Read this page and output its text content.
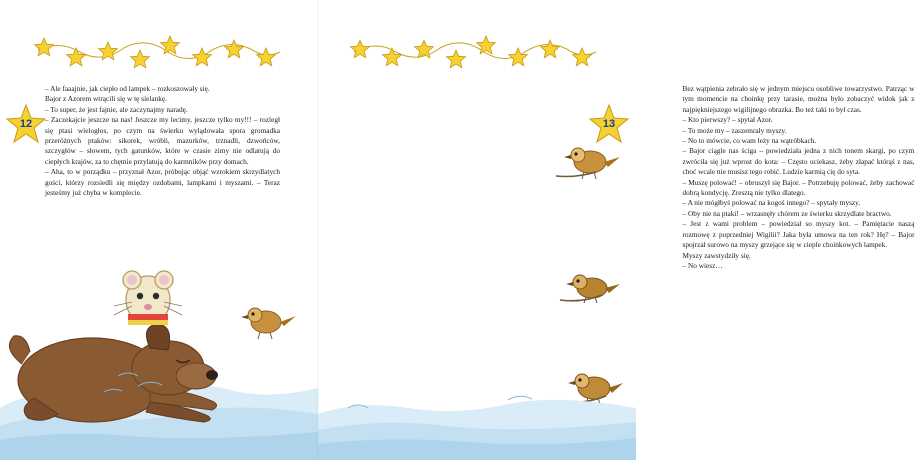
12

– Ale faaajnie, jak ciepło od lampek – rozkoszowały się.

Bajor z Azorem wtrącili się w tę sielankę.

– To super, że jest fajnie, ale zaczynajmy naradę.

– Zaczekajcie jeszcze na nas! Jeszcze my lecimy, jeszcze tylko my!!! – rozległ się ptasi wielogłos, po czym na świerku wylądowała spora gromadka przeróżnych ptaków: sikorek, wróbli, mazurków, trznadli, dzwońców, szczygłów – słowem, tych gatunków, które w czasie zimy nie odlatują do ciepłych krajów, za to chętnie przylatują do karmników przy domach.

– Aha, to w porządku – przyznał Azor, próbując objąć wzrokiem skrzydlatych gości, którzy rozsiedli się między ozdobami, lampkami i myszami. – Teraz jesteśmy już chyba w komplecie.

13

Bez wątpienia zebrało się w jednym miejscu osobliwe towarzystwo. Patrząc w tym momencie na choinkę przy tarasie, można było zobaczyć widok jak z najpiękniejszego wigilijnego obrazka. Bo też taki to był czas.

– Kto pierwszy? – spytał Azor.

– To może my – zaszemrały myszy.

– No to mówcie, co wam leży na wątróbkach.

– Bajor ciągle nas ściga – powiedziała jedna z nich tonem skargi, po czym zwróciła się już wprost do kota: – Często uciekasz, żeby złapać którąś z nas, choć wcale nie musisz tego robić. Ludzie karmią cię do syta.

– Muszę polować! – obruszył się Bajor. – Potrzebuję polować, żeby zachować dobrą kondycję. Zresztą nie tylko dlatego.

– A nie mógłbyś polować na kogoś innego? – spytały myszy.

– Oby nie na ptaki! – wrzasnęły chórem ze świerku skrzydlate bractwo.

– Jest z wami problem – powiedział so myszy kot. – Pamiętacie naszą rozmowę z poprzedniej Wigilii? Jaka była umowa na ten rok? Hę? – Bajor spojrzał surowo na myszy grzejące się w cieple choinkowych lampek.

Myszy zawstydziły się.

– No wiesz…
